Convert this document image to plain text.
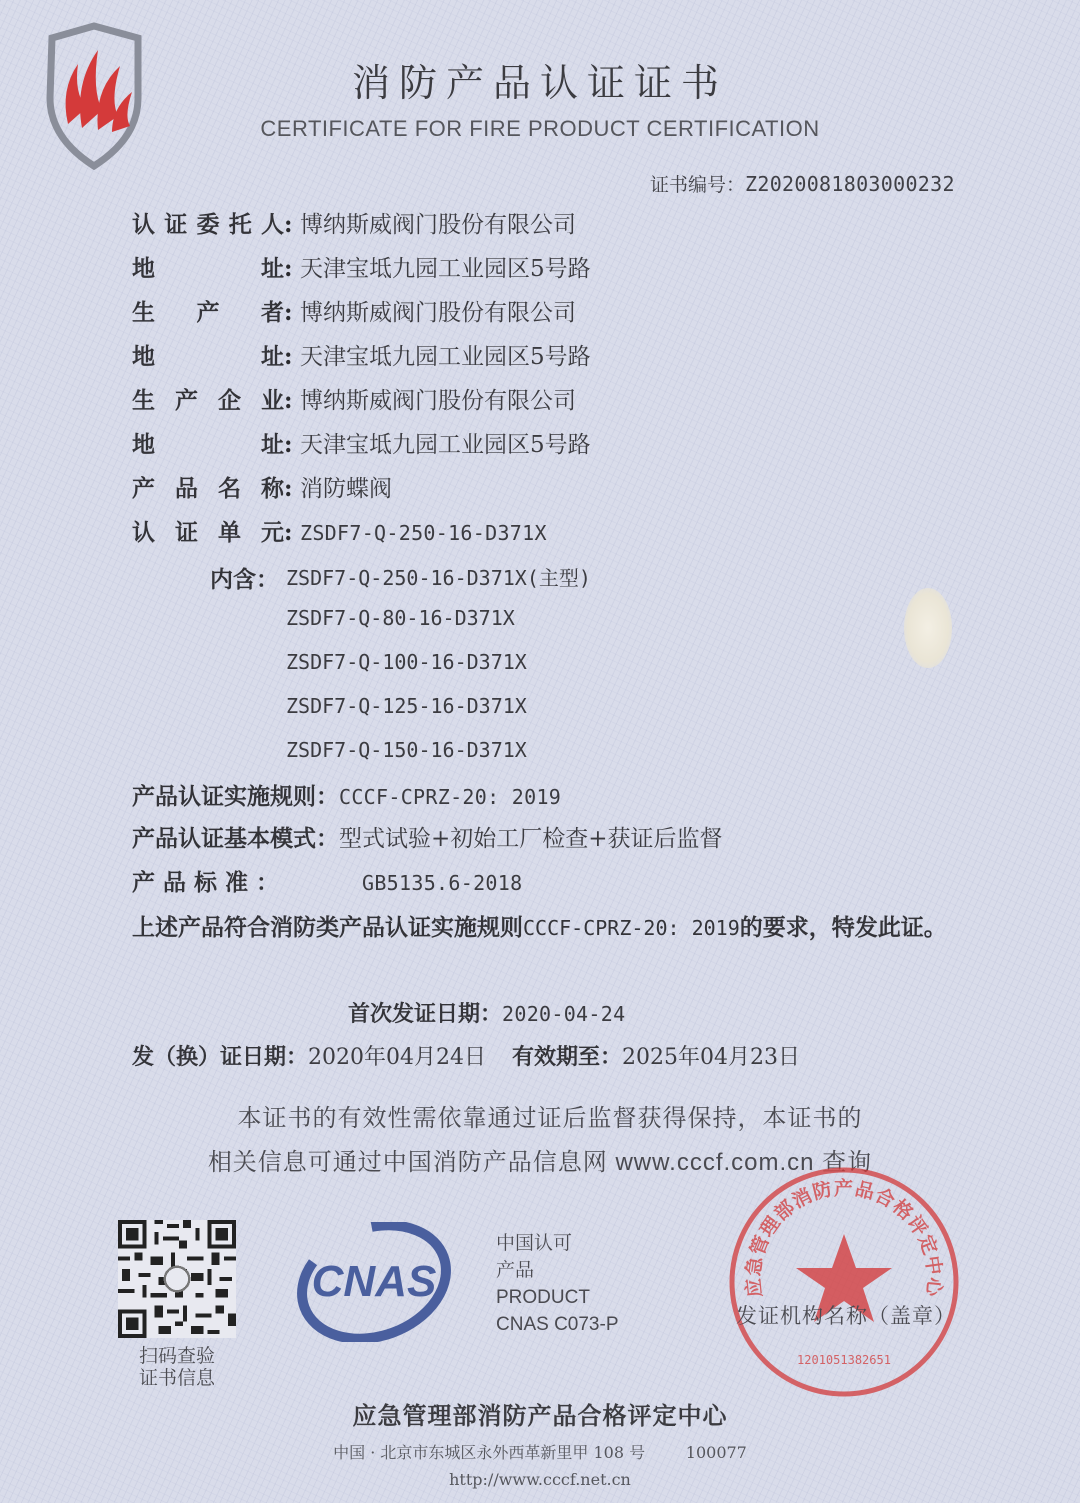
消防产品认证证书
CERTIFICATE FOR FIRE PRODUCT CERTIFICATION
证书编号：Z2020081803000232
认证委托人: 博纳斯威阀门股份有限公司
地址: 天津宝坻九园工业园区5号路
生产者: 博纳斯威阀门股份有限公司
地址: 天津宝坻九园工业园区5号路
生产企业: 博纳斯威阀门股份有限公司
地址: 天津宝坻九园工业园区5号路
产品名称: 消防蝶阀
认证单元: ZSDF7-Q-250-16-D371X
内含： ZSDF7-Q-250-16-D371X(主型)
ZSDF7-Q-80-16-D371X
ZSDF7-Q-100-16-D371X
ZSDF7-Q-125-16-D371X
ZSDF7-Q-150-16-D371X
产品认证实施规则：CCCF-CPRZ-20: 2019
产品认证基本模式：型式试验+初始工厂检查+获证后监督
产 品 标 准 ：	GB5135.6-2018
上述产品符合消防类产品认证实施规则CCCF-CPRZ-20: 2019的要求，特发此证。
首次发证日期：2020-04-24
发（换）证日期：2020年04月24日 有效期至：2025年04月23日
本证书的有效性需依靠通过证后监督获得保持，本证书的
相关信息可通过中国消防产品信息网 www.cccf.com.cn 查询
扫码查验
证书信息
CNAS
中国认可
产品
PRODUCT
CNAS C073-P
应急管理部消防产品合格评定中心
1201051382651
发证机构名称（盖章）
应急管理部消防产品合格评定中心
中国 · 北京市东城区永外西革新里甲 108 号        100077
http://www.cccf.net.cn
